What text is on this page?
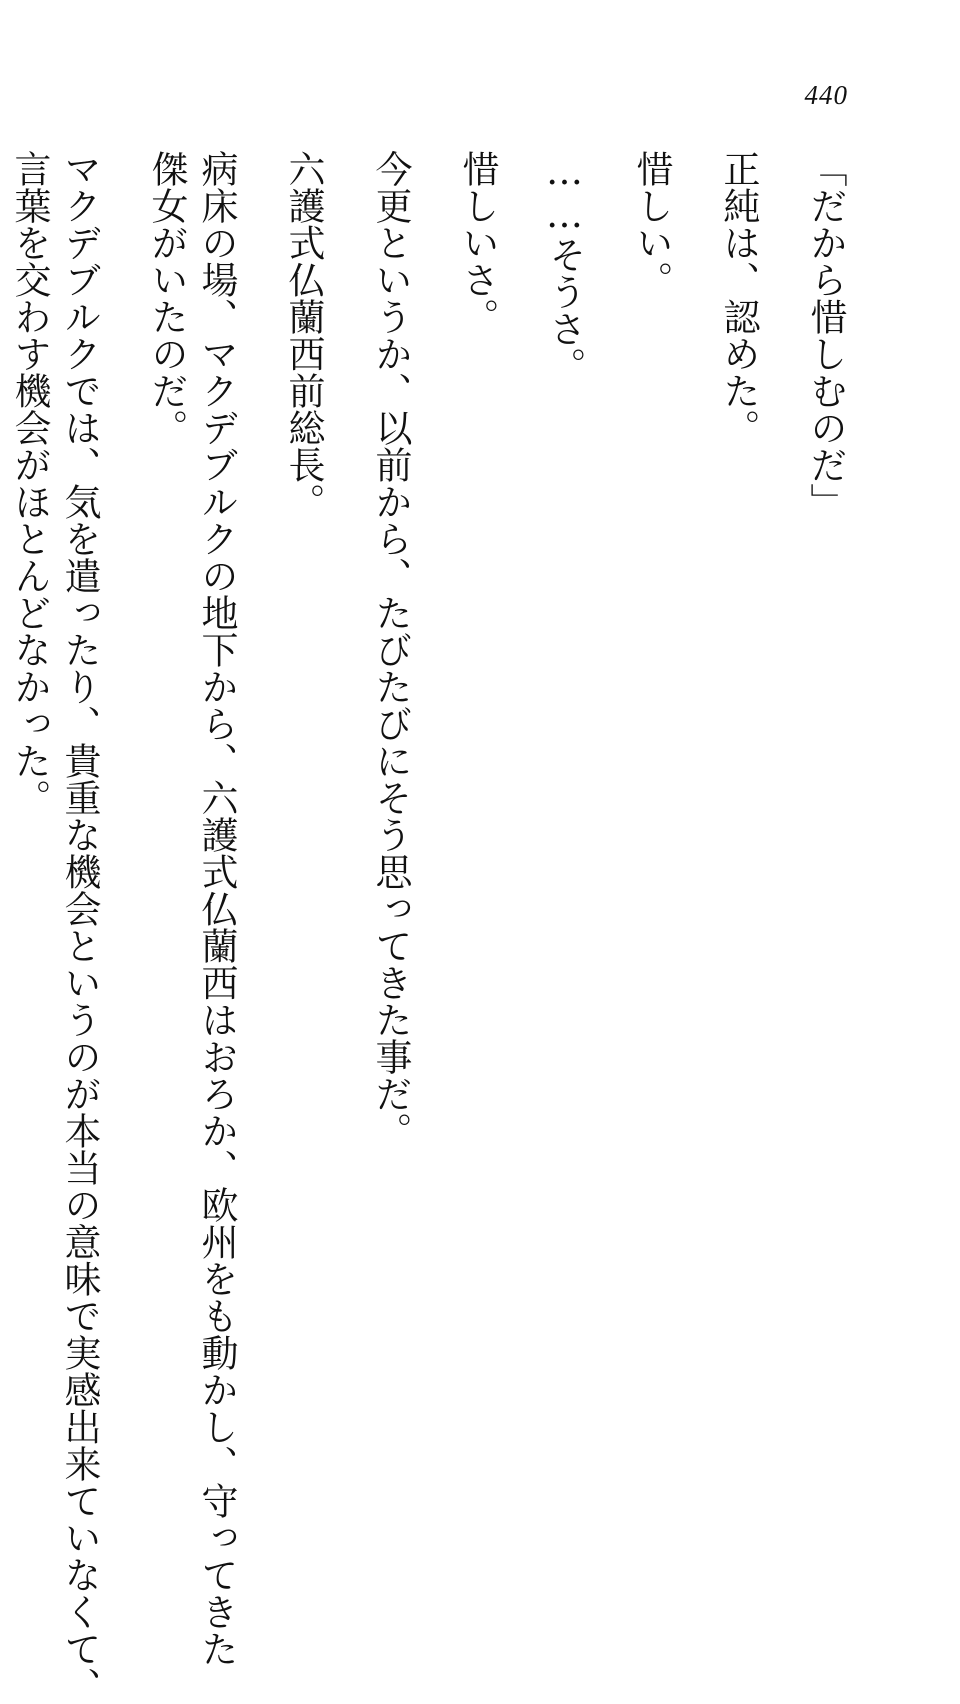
440

「だから惜しむのだ」

正純は、認めた。

惜しい。

……そうさ。

惜しいさ。

今更というか、以前から、たびたびにそう思ってきた事だ。

六護式仏蘭西前総長。

病床の場、マクデブルクの地下から、六護式仏蘭西はおろか、欧州をも動かし、守ってきた

傑女がいたのだ。

マクデブルクでは、気を遣ったり、貴重な機会というのが本当の意味で実感出来ていなくて、

言葉を交わす機会がほとんどなかった。
